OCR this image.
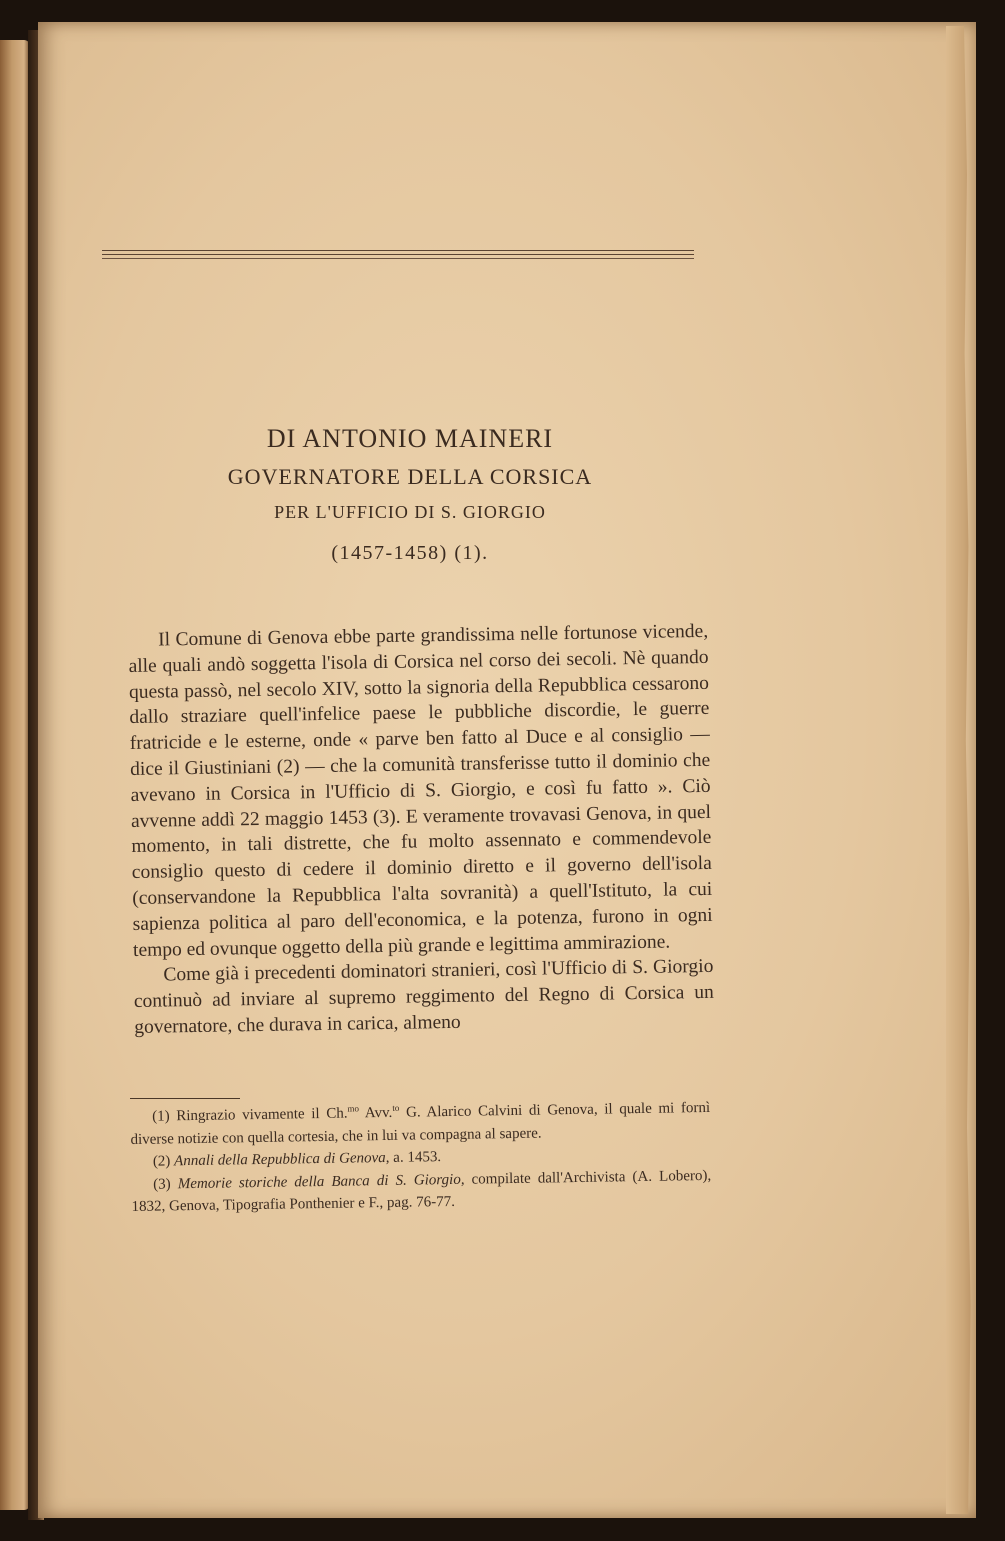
DI ANTONIO MAINERI
GOVERNATORE DELLA CORSICA
PER L'UFFICIO DI S. GIORGIO
(1457-1458) (1).

Il Comune di Genova ebbe parte grandissima nelle fortunose vicende, alle quali andò soggetta l'isola di Corsica nel corso dei secoli. Nè quando questa passò, nel secolo XIV, sotto la signoria della Repubblica cessarono dallo straziare quell'infelice paese le pubbliche discordie, le guerre fratricide e le esterne, onde « parve ben fatto al Duce e al consiglio — dice il Giustiniani (2) — che la comunità transferisse tutto il dominio che avevano in Corsica in l'Ufficio di S. Giorgio, e così fu fatto ». Ciò avvenne addì 22 maggio 1453 (3). E veramente trovavasi Genova, in quel momento, in tali distrette, che fu molto assennato e commendevole consiglio questo di cedere il dominio diretto e il governo dell'isola (conservandone la Repubblica l'alta sovranità) a quell'Istituto, la cui sapienza politica al paro dell'economica, e la potenza, furono in ogni tempo ed ovunque oggetto della più grande e legittima ammirazione.

Come già i precedenti dominatori stranieri, così l'Ufficio di S. Giorgio continuò ad inviare al supremo reggimento del Regno di Corsica un governatore, che durava in carica, almeno

(1) Ringrazio vivamente il Ch.$^{mo}$ Avv.$^{to}$ G. Alarico Calvini di Genova, il quale mi fornì diverse notizie con quella cortesia, che in lui va compagna al sapere.

(2) Annali della Repubblica di Genova, a. 1453.

(3) Memorie storiche della Banca di S. Giorgio, compilate dall'Archivista (A. Lobero), 1832, Genova, Tipografia Ponthenier e F., pag. 76-77.
